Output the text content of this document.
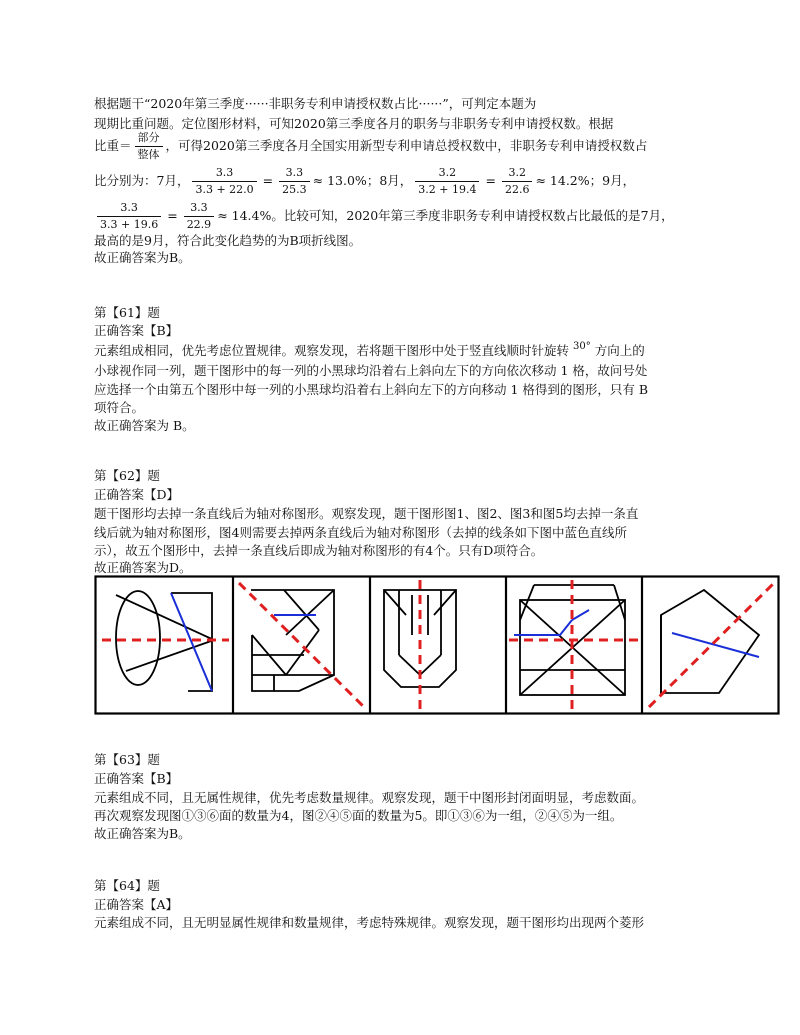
根据题干“2020年第三季度······非职务专利申请授权数占比······”，可判定本题为
现期比重问题。定位图形材料，可知2020第三季度各月的职务与非职务专利申请授权数。根据
比重＝ $\frac{\text{部分}}{\text{整体}}$ ，可得2020第三季度各月全国实用新型专利申请总授权数中，非职务专利申请授权数占
比分别为：7月， $\frac{3.3}{3.3 + 22.0} = \frac{3.3}{25.3} \approx 13.0\%$；8月， $\frac{3.2}{3.2 + 19.4} = \frac{3.2}{22.6} \approx 14.2\%$；9月，
$\frac{3.3}{3.3 + 19.6} = \frac{3.3}{22.9} \approx 14.4\%$。比较可知，2020年第三季度非职务专利申请授权数占比最低的是7月，
最高的是9月，符合此变化趋势的为B项折线图。
故正确答案为B。
第【61】题
正确答案【B】
元素组成相同，优先考虑位置规律。观察发现，若将题干图形中处于竖直线顺时针旋转 $^{30^\circ}$ 方向上的
小球视作同一列，题干图形中的每一列的小黑球均沿着右上斜向左下的方向依次移动 1 格，故问号处
应选择一个由第五个图形中每一列的小黑球均沿着右上斜向左下的方向移动 1 格得到的图形，只有 B
项符合。
故正确答案为 B。
第【62】题
正确答案【D】
题干图形均去掉一条直线后为轴对称图形。观察发现，题干图形图1、图2、图3和图5均去掉一条直
线后就为轴对称图形，图4则需要去掉两条直线后为轴对称图形（去掉的线条如下图中蓝色直线所
示），故五个图形中，去掉一条直线后即成为轴对称图形的有4个。只有D项符合。
故正确答案为D。
第【63】题
正确答案【B】
元素组成不同，且无属性规律，优先考虑数量规律。观察发现，题干中图形封闭面明显，考虑数面。
再次观察发现图①③⑥面的数量为4，图②④⑤面的数量为5。即①③⑥为一组，②④⑤为一组。
故正确答案为B。
第【64】题
正确答案【A】
元素组成不同，且无明显属性规律和数量规律，考虑特殊规律。观察发现，题干图形均出现两个菱形
